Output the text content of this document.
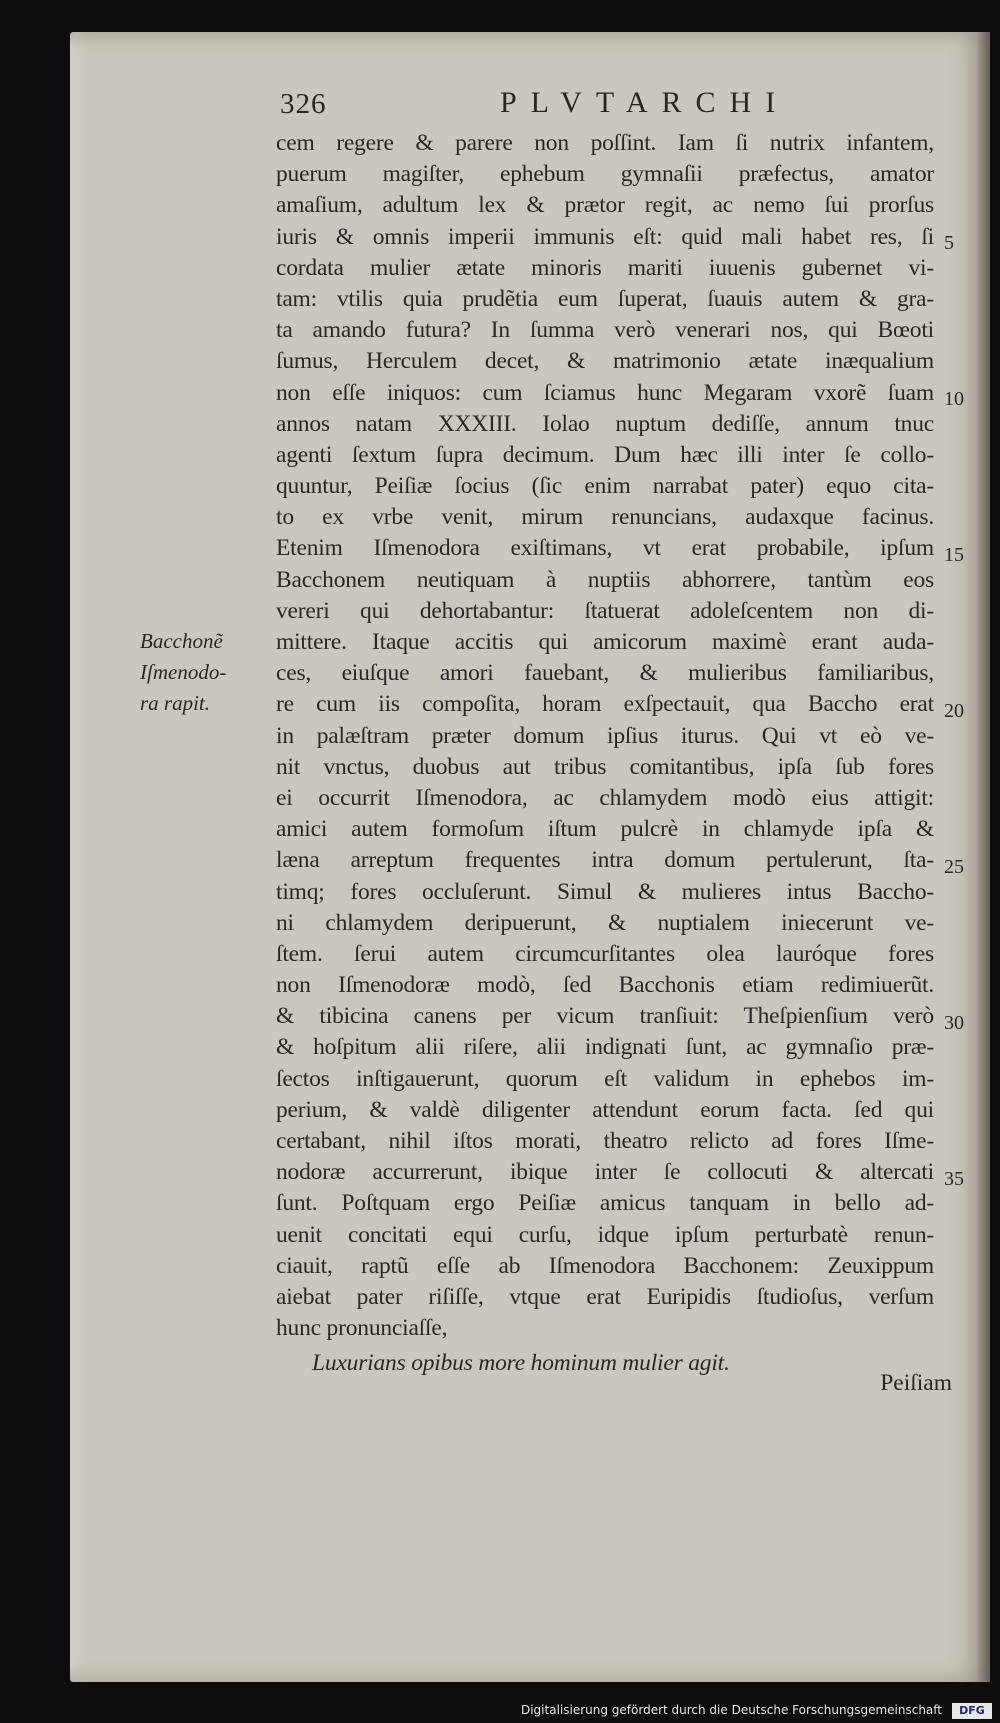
326	PLVTARCHI
cem regere & parere non poſſint. Iam ſi nutrix infantem,
puerum magiſter, ephebum gymnaſii præfectus, amator
amaſium, adultum lex & prætor regit, ac nemo ſui prorſus
iuris & omnis imperii immunis eſt: quid mali habet res, ſi
cordata mulier ætate minoris mariti iuuenis gubernet vi-
tam: vtilis quia prudẽtia eum ſuperat, ſuauis autem & gra-
ta amando futura? In ſumma verò venerari nos, qui Bœoti
ſumus, Herculem decet, & matrimonio ætate inæqualium
non eſſe iniquos: cum ſciamus hunc Megaram vxorẽ ſuam
annos natam XXXIII. Iolao nuptum dediſſe, annum tnuc
agenti ſextum ſupra decimum. Dum hæc illi inter ſe collo-
quuntur, Peiſiæ ſocius (ſic enim narrabat pater) equo cita-
to ex vrbe venit, mirum renuncians, audaxque facinus.
Etenim Iſmenodora exiſtimans, vt erat probabile, ipſum
Bacchonem neutiquam à nuptiis abhorrere, tantùm eos
vereri qui dehortabantur: ſtatuerat adoleſcentem non di-
mittere. Itaque accitis qui amicorum maximè erant auda-
ces, eiuſque amori fauebant, & mulieribus familiaribus,
re cum iis compoſita, horam exſpectauit, qua Baccho erat
in palæſtram præter domum ipſius iturus. Qui vt eò ve-
nit vnctus, duobus aut tribus comitantibus, ipſa ſub fores
ei occurrit Iſmenodora, ac chlamydem modò eius attigit:
amici autem formoſum iſtum pulcrè in chlamyde ipſa &
læna arreptum frequentes intra domum pertulerunt, ſta-
timq; fores occluſerunt. Simul & mulieres intus Baccho-
ni chlamydem deripuerunt, & nuptialem iniecerunt ve-
ſtem. ſerui autem circumcurſitantes olea lauróque fores
non Iſmenodoræ modò, ſed Bacchonis etiam redimiuerũt.
& tibicina canens per vicum tranſiuit: Theſpienſium verò
& hoſpitum alii riſere, alii indignati ſunt, ac gymnaſio præ-
ſectos inſtigauerunt, quorum eſt validum in ephebos im-
perium, & valdè diligenter attendunt eorum facta. ſed qui
certabant, nihil iſtos morati, theatro relicto ad fores Iſme-
nodoræ accurrerunt, ibique inter ſe collocuti & altercati
ſunt. Poſtquam ergo Peiſiæ amicus tanquam in bello ad-
uenit concitati equi curſu, idque ipſum perturbatè renun-
ciauit, raptũ eſſe ab Iſmenodora Bacchonem: Zeuxippum
aiebat pater riſiſſe, vtque erat Euripidis ſtudioſus, verſum
hunc pronunciaſſe,
Luxurians opibus more hominum mulier agit.
Bacchonẽ
Iſmenodo-
ra rapit.
5
10
15
20
25
30
35
Peiſiam
Digitalisierung gefördert durch die Deutsche Forschungsgemeinschaft	DFG
